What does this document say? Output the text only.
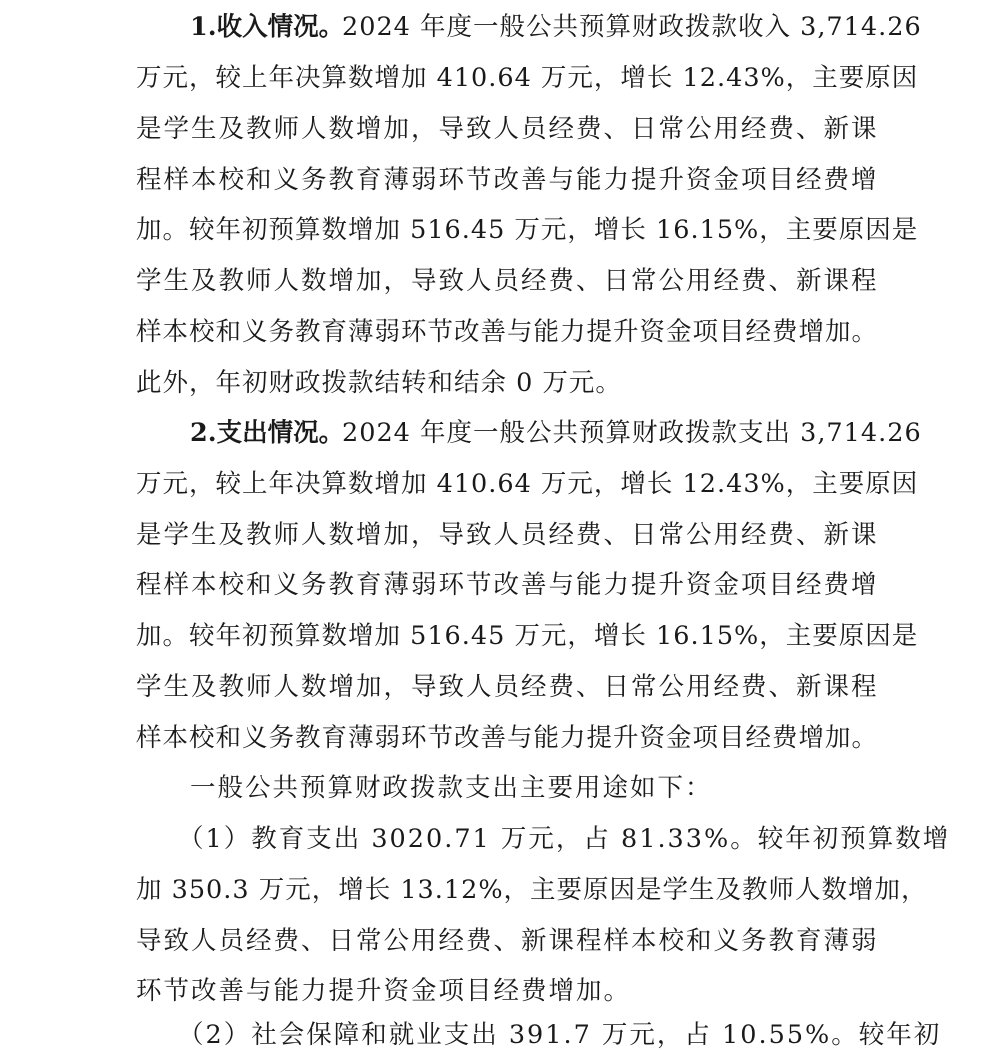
1.收入情况。
2024 年度一般公共预算财政拨款收入 3,714.26
万元，较上年决算数增加 410.64 万元，增长 12.43%，主要原因
是学生及教师人数增加，导致人员经费、日常公用经费、新课
程样本校和义务教育薄弱环节改善与能力提升资金项目经费增
加。较年初预算数增加 516.45 万元，增长 16.15%，主要原因是
学生及教师人数增加，导致人员经费、日常公用经费、新课程
样本校和义务教育薄弱环节改善与能力提升资金项目经费增加。
此外，年初财政拨款结转和结余 0 万元。
2.支出情况。
2024 年度一般公共预算财政拨款支出 3,714.26
万元，较上年决算数增加 410.64 万元，增长 12.43%，主要原因
是学生及教师人数增加，导致人员经费、日常公用经费、新课
程样本校和义务教育薄弱环节改善与能力提升资金项目经费增
加。较年初预算数增加 516.45 万元，增长 16.15%，主要原因是
学生及教师人数增加，导致人员经费、日常公用经费、新课程
样本校和义务教育薄弱环节改善与能力提升资金项目经费增加。
一般公共预算财政拨款支出主要用途如下：
（1）教育支出 3020.71 万元，占 81.33%。较年初预算数增
加 350.3 万元，增长 13.12%，主要原因是学生及教师人数增加，
导致人员经费、日常公用经费、新课程样本校和义务教育薄弱
环节改善与能力提升资金项目经费增加。
（2）社会保障和就业支出 391.7 万元，占 10.55%。较年初
